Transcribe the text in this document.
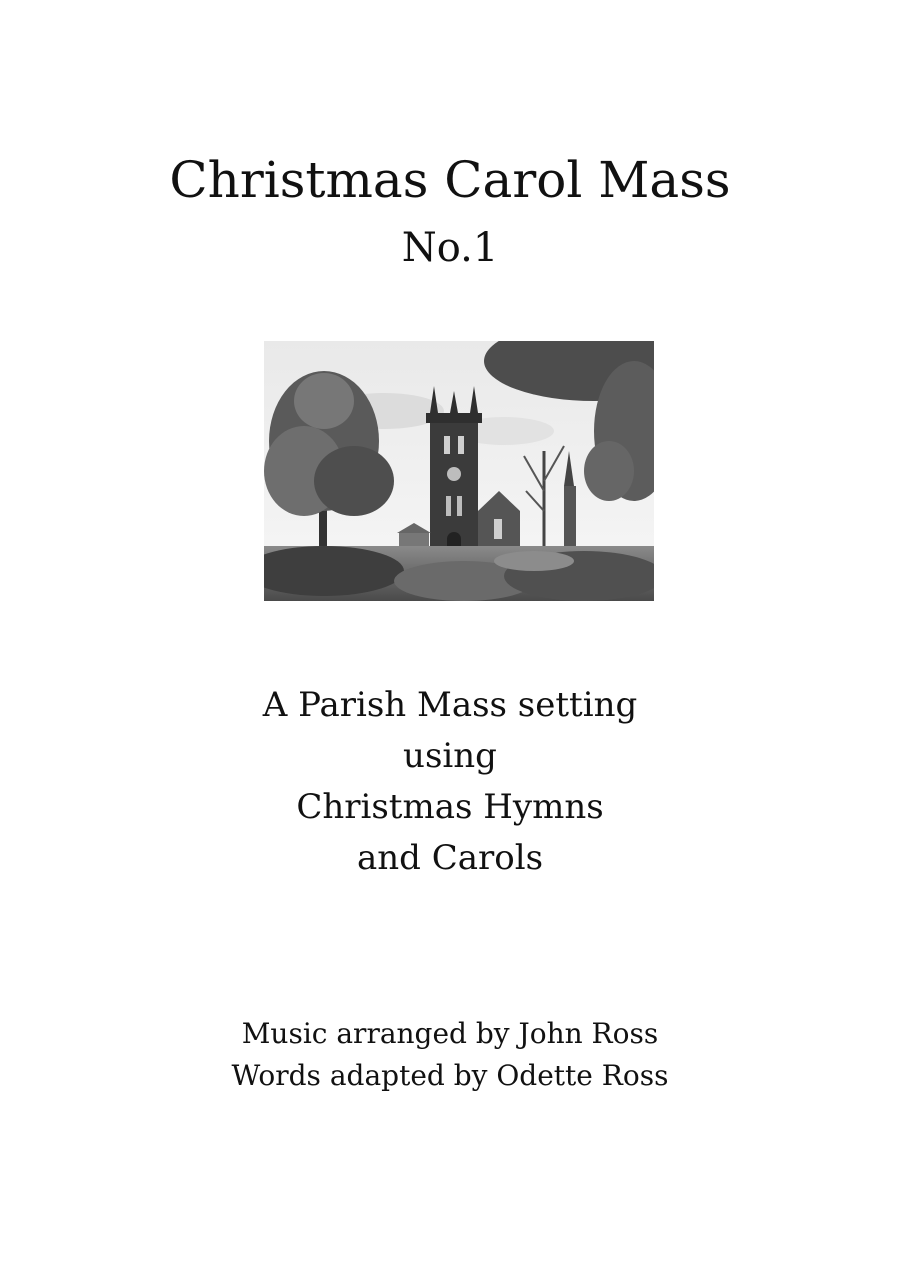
Christmas Carol Mass
No.1
A Parish Mass setting
using
Christmas Hymns
and Carols
Music arranged by John Ross
Words adapted by Odette Ross
